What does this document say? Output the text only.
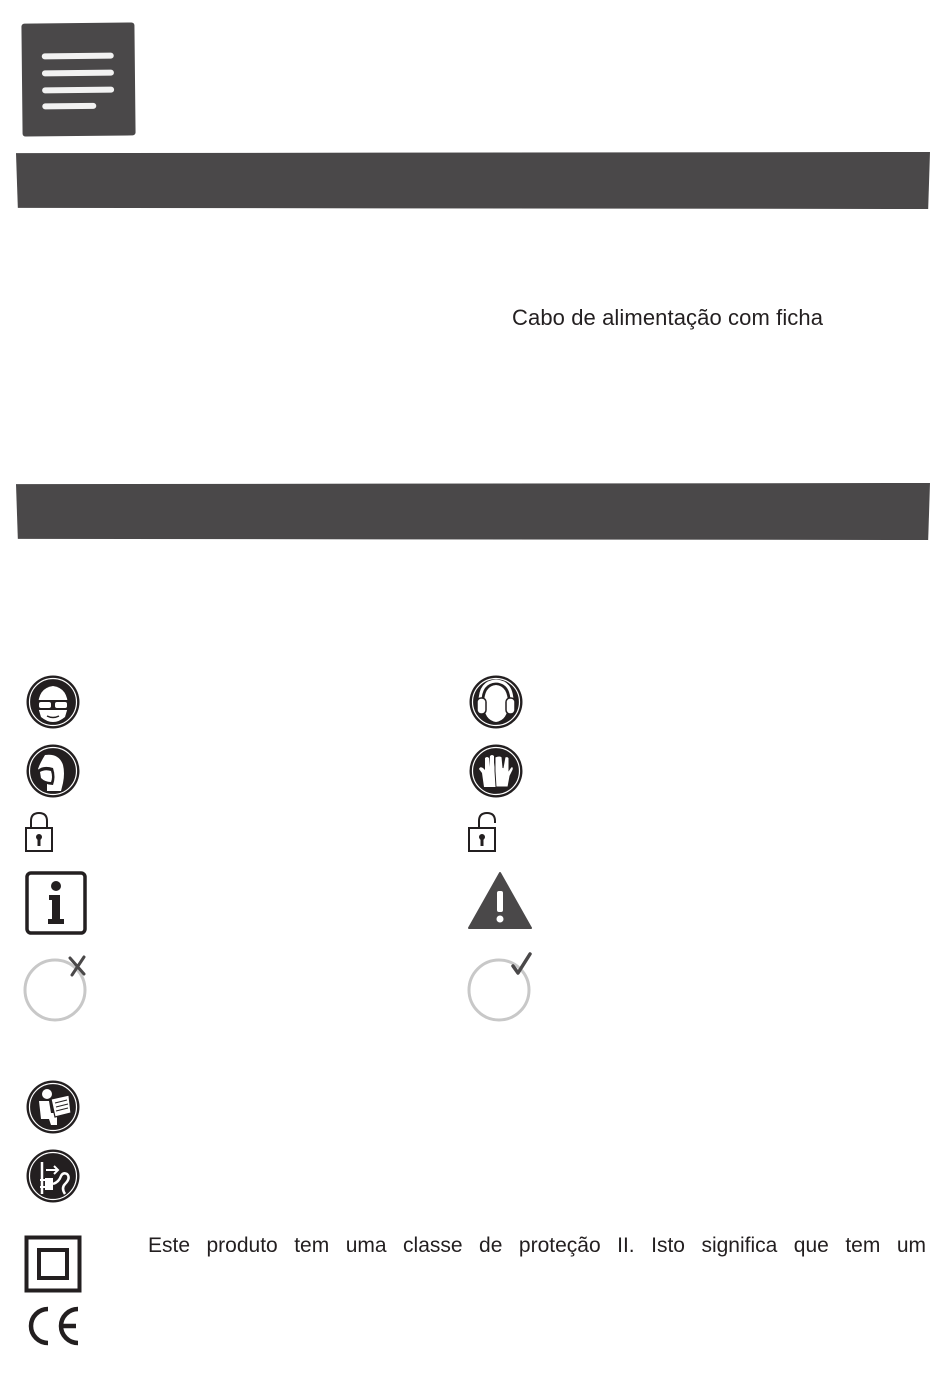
Cabo de alimentação com ficha
Este produto tem uma classe de proteção II. Isto significa que tem um
